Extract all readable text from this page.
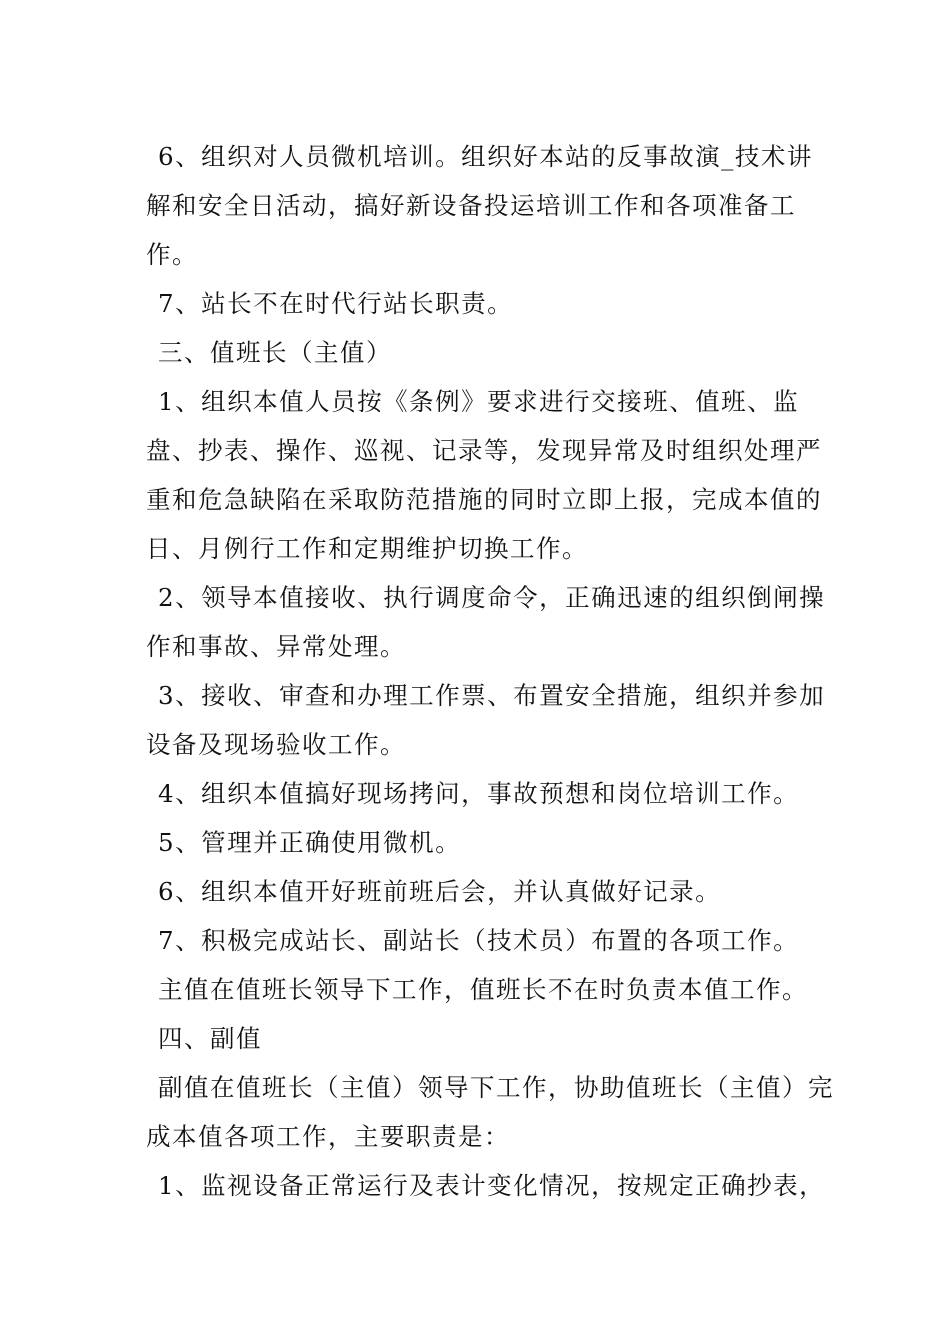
6、组织对人员微机培训。组织好本站的反事故演_技术讲解和安全日活动，搞好新设备投运培训工作和各项准备工作。

7、站长不在时代行站长职责。

三、值班长（主值）

1、组织本值人员按《条例》要求进行交接班、值班、监盘、抄表、操作、巡视、记录等，发现异常及时组织处理严重和危急缺陷在采取防范措施的同时立即上报，完成本值的日、月例行工作和定期维护切换工作。

2、领导本值接收、执行调度命令，正确迅速的组织倒闸操作和事故、异常处理。

3、接收、审查和办理工作票、布置安全措施，组织并参加设备及现场验收工作。

4、组织本值搞好现场拷问，事故预想和岗位培训工作。

5、管理并正确使用微机。

6、组织本值开好班前班后会，并认真做好记录。

7、积极完成站长、副站长（技术员）布置的各项工作。

主值在值班长领导下工作，值班长不在时负责本值工作。

四、副值

副值在值班长（主值）领导下工作，协助值班长（主值）完成本值各项工作，主要职责是：

1、监视设备正常运行及表计变化情况，按规定正确抄表，
